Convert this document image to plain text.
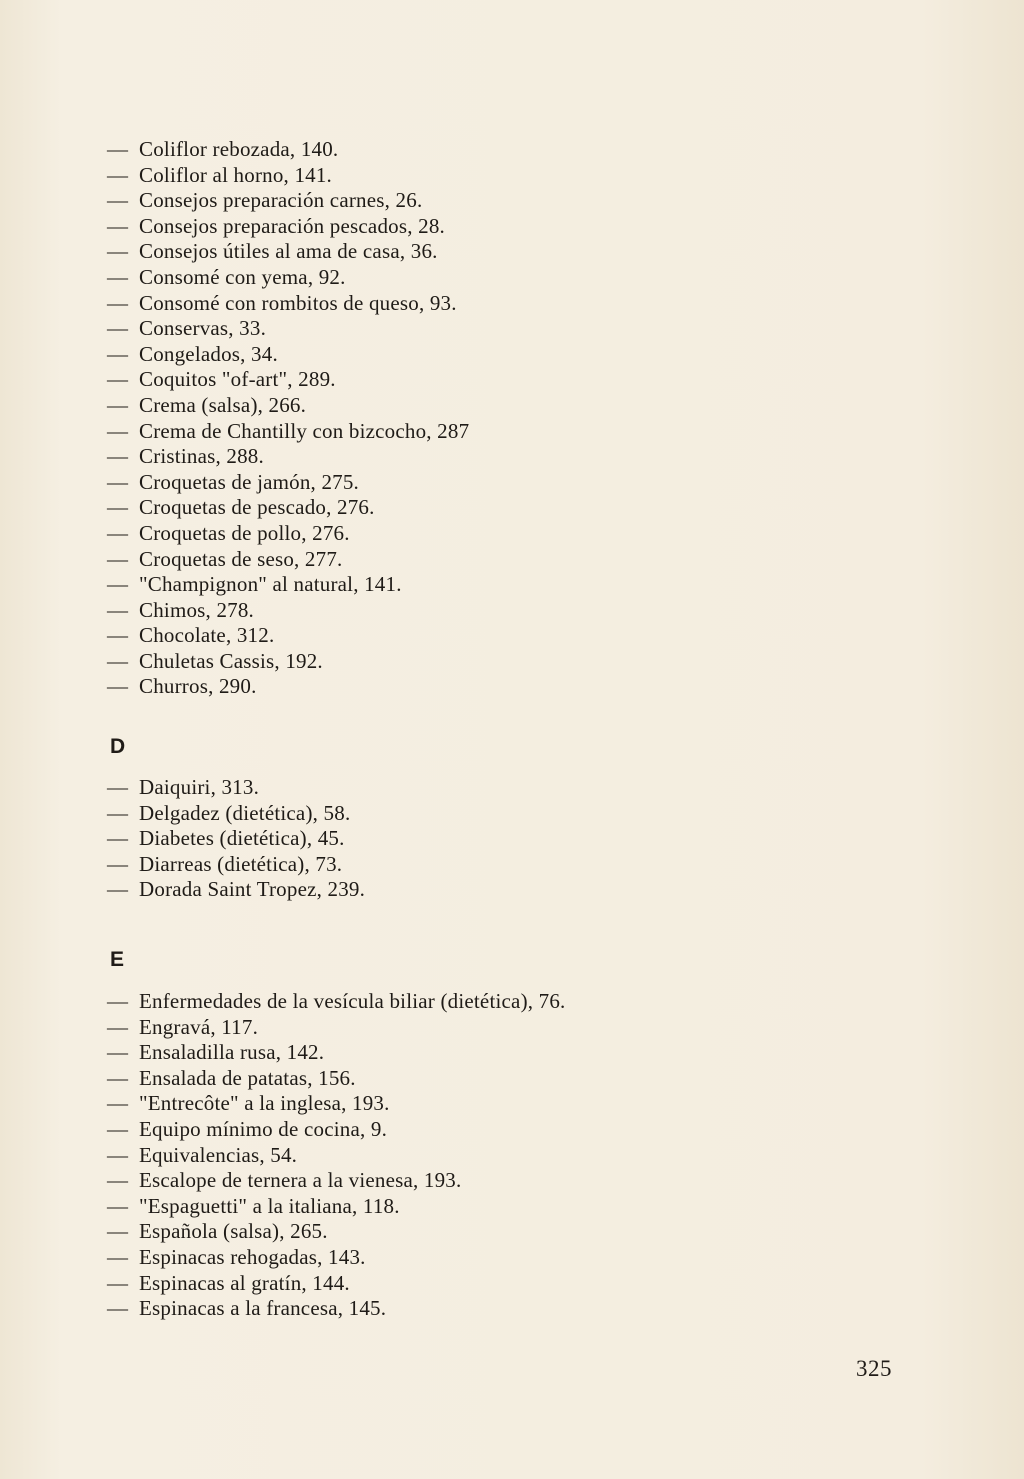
— Coliflor rebozada, 140.
— Coliflor al horno, 141.
— Consejos preparación carnes, 26.
— Consejos preparación pescados, 28.
— Consejos útiles al ama de casa, 36.
— Consomé con yema, 92.
— Consomé con rombitos de queso, 93.
— Conservas, 33.
— Congelados, 34.
— Coquitos "of-art", 289.
— Crema (salsa), 266.
— Crema de Chantilly con bizcocho, 287
— Cristinas, 288.
— Croquetas de jamón, 275.
— Croquetas de pescado, 276.
— Croquetas de pollo, 276.
— Croquetas de seso, 277.
— "Champignon" al natural, 141.
— Chimos, 278.
— Chocolate, 312.
— Chuletas Cassis, 192.
— Churros, 290.
D
— Daiquiri, 313.
— Delgadez (dietética), 58.
— Diabetes (dietética), 45.
— Diarreas (dietética), 73.
— Dorada Saint Tropez, 239.
E
— Enfermedades de la vesícula biliar (dietética), 76.
— Engravá, 117.
— Ensaladilla rusa, 142.
— Ensalada de patatas, 156.
— "Entrecôte" a la inglesa, 193.
— Equipo mínimo de cocina, 9.
— Equivalencias, 54.
— Escalope de ternera a la vienesa, 193.
— "Espaguetti" a la italiana, 118.
— Española (salsa), 265.
— Espinacas rehogadas, 143.
— Espinacas al gratín, 144.
— Espinacas a la francesa, 145.
325
